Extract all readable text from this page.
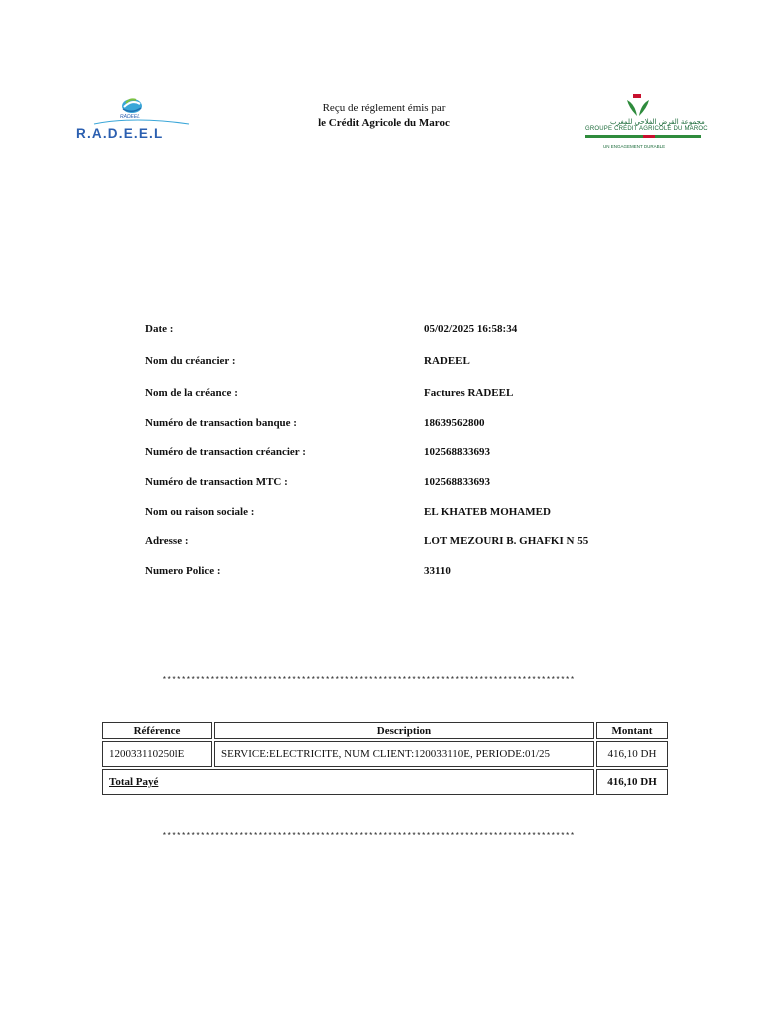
RADEEL
R.A.D.E.E.L
Reçu de réglement émis par
le Crédit Agricole du Maroc	مجموعة القرض الفلاحي للمغرب
GROUPE CRÉDIT AGRICOLE DU MAROC
UN ENGAGEMENT DURABLE
Date :	05/02/2025 16:58:34
Nom du créancier :	RADEEL
Nom de la créance :	Factures RADEEL
Numéro de transaction banque :	18639562800
Numéro de transaction créancier :	102568833693
Numéro de transaction MTC :	102568833693
Nom ou raison sociale :	EL KHATEB MOHAMED
Adresse :	LOT MEZOURI B. GHAFKI N 55
Numero Police :	33110
**************************************************************************************
Référence	Description	Montant
120033110250lE	SERVICE:ELECTRICITE, NUM CLIENT:120033110E, PERIODE:01/25	416,10 DH
Total Payé		416,10 DH
**************************************************************************************
